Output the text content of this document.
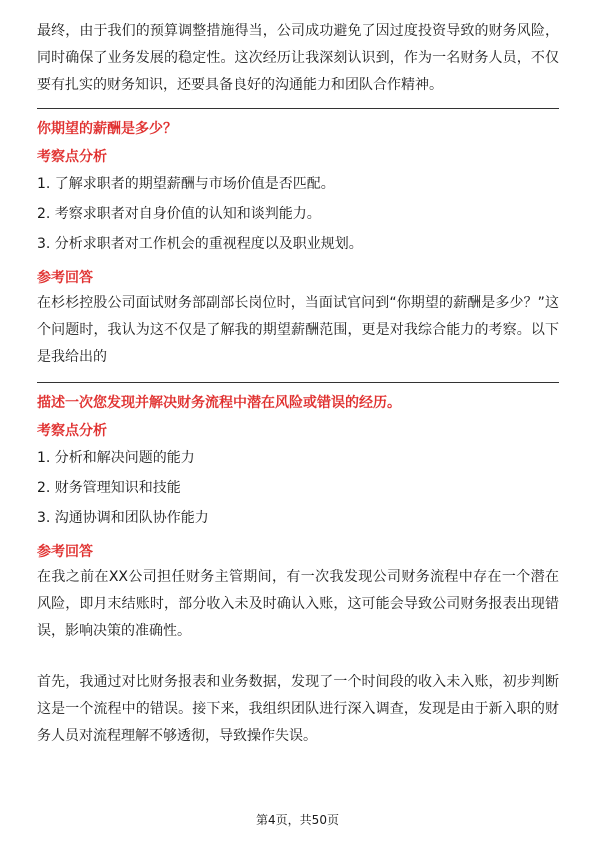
最终，由于我们的预算调整措施得当，公司成功避免了因过度投资导致的财务风险，同时确保了业务发展的稳定性。这次经历让我深刻认识到，作为一名财务人员，不仅要有扎实的财务知识，还要具备良好的沟通能力和团队合作精神。

你期望的薪酬是多少？

考察点分析

1. 了解求职者的期望薪酬与市场价值是否匹配。
2. 考察求职者对自身价值的认知和谈判能力。
3. 分析求职者对工作机会的重视程度以及职业规划。

参考回答

在杉杉控股公司面试财务部副部长岗位时，当面试官问到“你期望的薪酬是多少？”这个问题时，我认为这不仅是了解我的期望薪酬范围，更是对我综合能力的考察。以下是我给出的

描述一次您发现并解决财务流程中潜在风险或错误的经历。

考察点分析

1. 分析和解决问题的能力
2. 财务管理知识和技能
3. 沟通协调和团队协作能力

参考回答

在我之前在XX公司担任财务主管期间，有一次我发现公司财务流程中存在一个潜在风险，即月末结账时，部分收入未及时确认入账，这可能会导致公司财务报表出现错误，影响决策的准确性。

首先，我通过对比财务报表和业务数据，发现了一个时间段的收入未入账，初步判断这是一个流程中的错误。接下来，我组织团队进行深入调查，发现是由于新入职的财务人员对流程理解不够透彻，导致操作失误。

第4页，共50页
